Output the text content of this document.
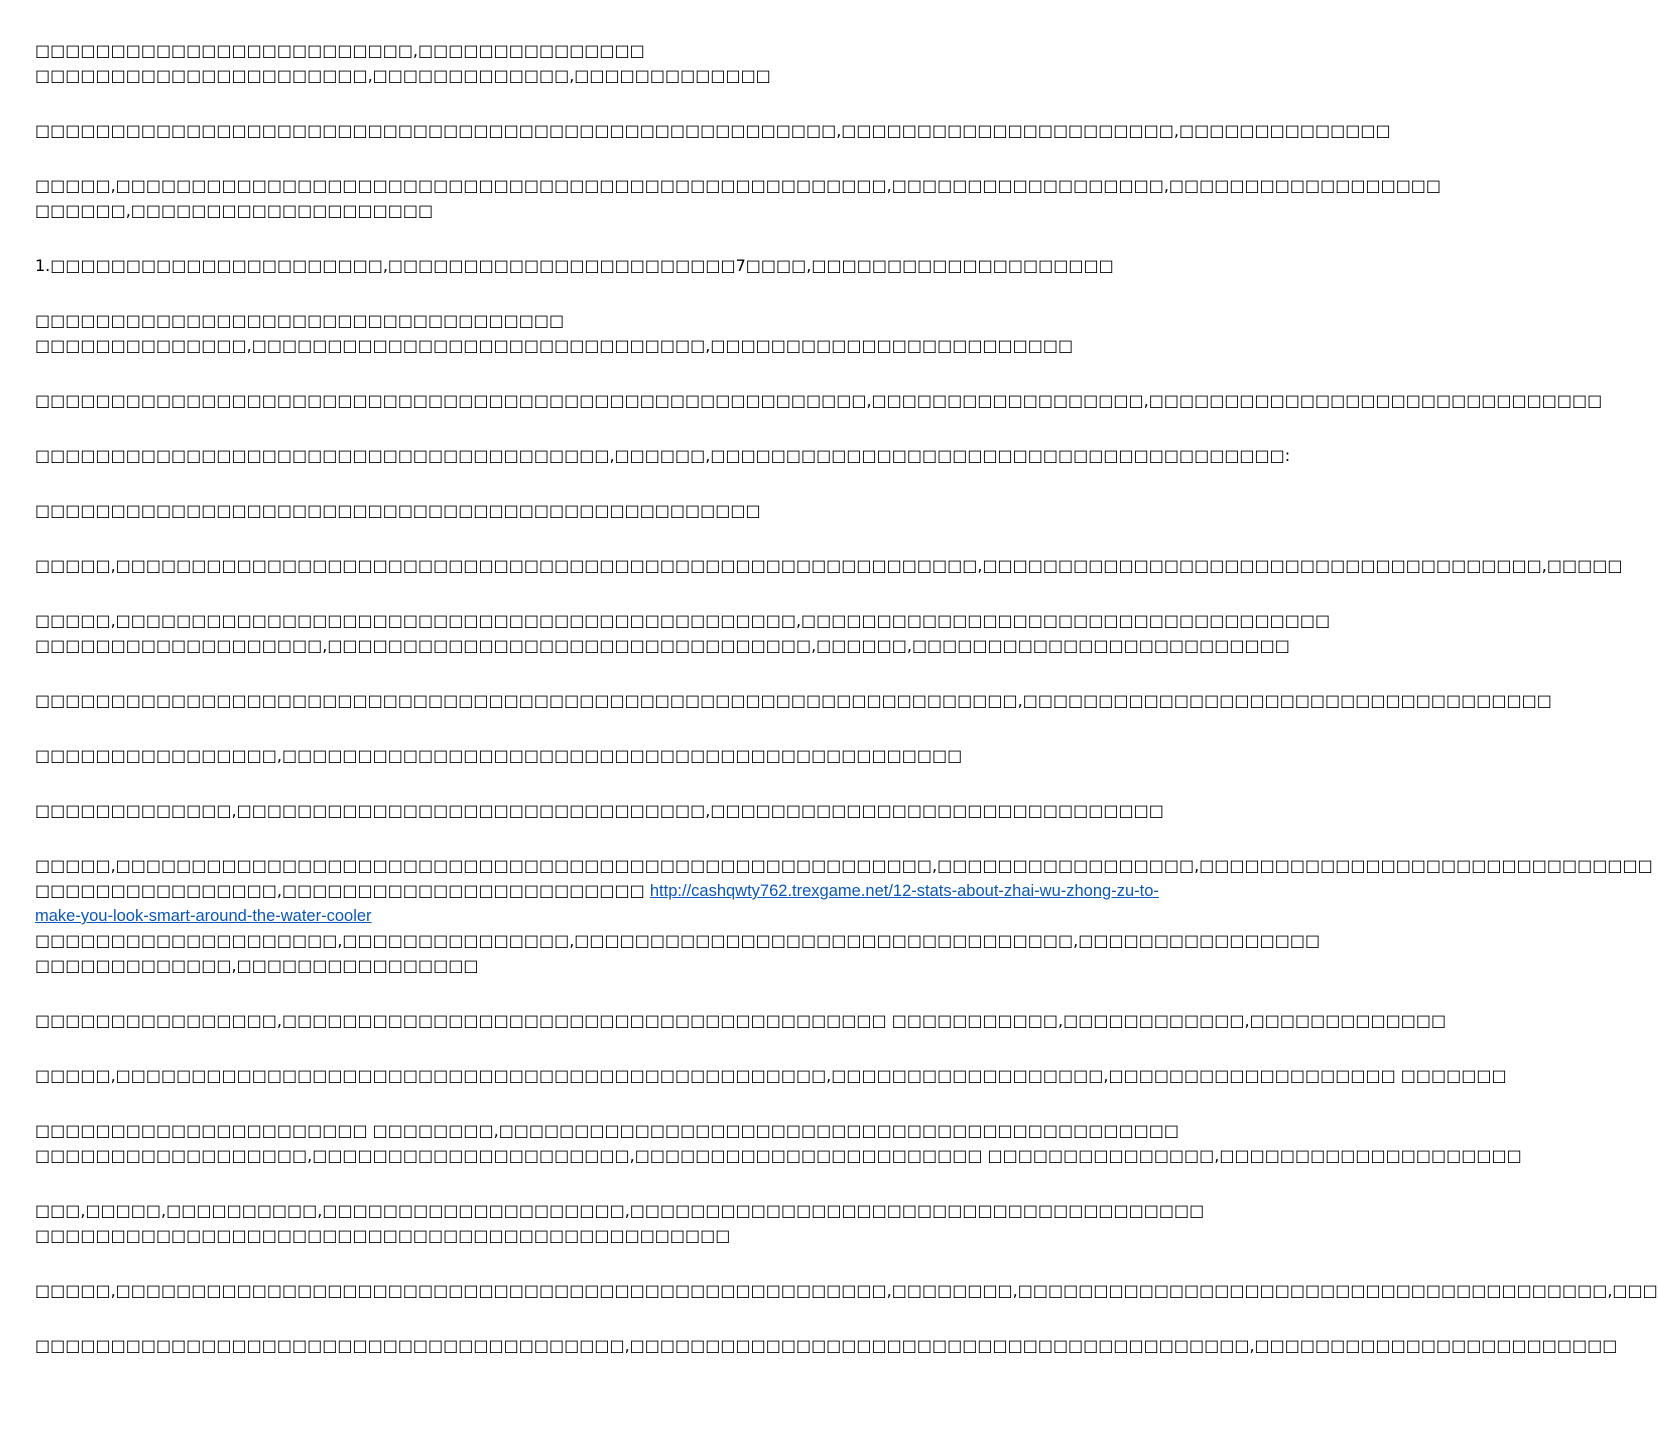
□□□□□□□□□□□□□□□□□□□□□□□□□,□□□□□□□□□□□□□□□
□□□□□□□□□□□□□□□□□□□□□□,□□□□□□□□□□□□□,□□□□□□□□□□□□□

□□□□□□□□□□□□□□□□□□□□□□□□□□□□□□□□□□□□□□□□□□□□□□□□□□□□□,□□□□□□□□□□□□□□□□□□□□□□,□□□□□□□□□□□□□□

□□□□□,□□□□□□□□□□□□□□□□□□□□□□□□□□□□□□□□□□□□□□□□□□□□□□□□□□□,□□□□□□□□□□□□□□□□□□,□□□□□□□□□□□□□□□□□□
□□□□□□,□□□□□□□□□□□□□□□□□□□□

1.□□□□□□□□□□□□□□□□□□□□□□,□□□□□□□□□□□□□□□□□□□□□□□7□□□□,□□□□□□□□□□□□□□□□□□□□

□□□□□□□□□□□□□□□□□□□□□□□□□□□□□□□□□□□
□□□□□□□□□□□□□□,□□□□□□□□□□□□□□□□□□□□□□□□□□□□□□,□□□□□□□□□□□□□□□□□□□□□□□□

□□□□□□□□□□□□□□□□□□□□□□□□□□□□□□□□□□□□□□□□□□□□□□□□□□□□□□□,□□□□□□□□□□□□□□□□□□,□□□□□□□□□□□□□□□□□□□□□□□□□□□□□□

□□□□□□□□□□□□□□□□□□□□□□□□□□□□□□□□□□□□□□,□□□□□□,□□□□□□□□□□□□□□□□□□□□□□□□□□□□□□□□□□□□□□:

□□□□□□□□□□□□□□□□□□□□□□□□□□□□□□□□□□□□□□□□□□□□□□□□

□□□□□,□□□□□□□□□□□□□□□□□□□□□□□□□□□□□□□□□□□□□□□□□□□□□□□□□□□□□□□□□,□□□□□□□□□□□□□□□□□□□□□□□□□□□□□□□□□□□□□,□□□□□

□□□□□,□□□□□□□□□□□□□□□□□□□□□□□□□□□□□□□□□□□□□□□□□□□□□,□□□□□□□□□□□□□□□□□□□□□□□□□□□□□□□□□□□
□□□□□□□□□□□□□□□□□□□,□□□□□□□□□□□□□□□□□□□□□□□□□□□□□□□□,□□□□□□,□□□□□□□□□□□□□□□□□□□□□□□□□

□□□□□□□□□□□□□□□□□□□□□□□□□□□□□□□□□□□□□□□□□□□□□□□□□□□□□□□□□□□□□□□□□,□□□□□□□□□□□□□□□□□□□□□□□□□□□□□□□□□□□

□□□□□□□□□□□□□□□□,□□□□□□□□□□□□□□□□□□□□□□□□□□□□□□□□□□□□□□□□□□□□□

□□□□□□□□□□□□□,□□□□□□□□□□□□□□□□□□□□□□□□□□□□□□□,□□□□□□□□□□□□□□□□□□□□□□□□□□□□□□

□□□□□,□□□□□□□□□□□□□□□□□□□□□□□□□□□□□□□□□□□□□□□□□□□□□□□□□□□□□□,□□□□□□□□□□□□□□□□□,□□□□□□□□□□□□□□□□□□□□□□□□□□□□□□
□□□□□□□□□□□□□□□□,□□□□□□□□□□□□□□□□□□□□□□□□ http://cashqwty762.trexgame.net/12-stats-about-zhai-wu-zhong-zu-to-
make-you-look-smart-around-the-water-cooler
□□□□□□□□□□□□□□□□□□□□,□□□□□□□□□□□□□□□,□□□□□□□□□□□□□□□□□□□□□□□□□□□□□□□□□,□□□□□□□□□□□□□□□□
□□□□□□□□□□□□□,□□□□□□□□□□□□□□□□

□□□□□□□□□□□□□□□□,□□□□□□□□□□□□□□□□□□□□□□□□□□□□□□□□□□□□□□□□ □□□□□□□□□□□,□□□□□□□□□□□□,□□□□□□□□□□□□□

□□□□□,□□□□□□□□□□□□□□□□□□□□□□□□□□□□□□□□□□□□□□□□□□□□□□□,□□□□□□□□□□□□□□□□□□,□□□□□□□□□□□□□□□□□□□ □□□□□□□

□□□□□□□□□□□□□□□□□□□□□□ □□□□□□□□,□□□□□□□□□□□□□□□□□□□□□□□□□□□□□□□□□□□□□□□□□□□□□
□□□□□□□□□□□□□□□□□□,□□□□□□□□□□□□□□□□□□□□□,□□□□□□□□□□□□□□□□□□□□□□□ □□□□□□□□□□□□□□□,□□□□□□□□□□□□□□□□□□□□

□□□,□□□□□,□□□□□□□□□□,□□□□□□□□□□□□□□□□□□□□,□□□□□□□□□□□□□□□□□□□□□□□□□□□□□□□□□□□□□□
□□□□□□□□□□□□□□□□□□□□□□□□□□□□□□□□□□□□□□□□□□□□□□

□□□□□,□□□□□□□□□□□□□□□□□□□□□□□□□□□□□□□□□□□□□□□□□□□□□□□□□□□,□□□□□□□□,□□□□□□□□□□□□□□□□□□□□□□□□□□□□□□□□□□□□□□□,□□□

□□□□□□□□□□□□□□□□□□□□□□□□□□□□□□□□□□□□□□□,□□□□□□□□□□□□□□□□□□□□□□□□□□□□□□□□□□□□□□□□□,□□□□□□□□□□□□□□□□□□□□□□□□
